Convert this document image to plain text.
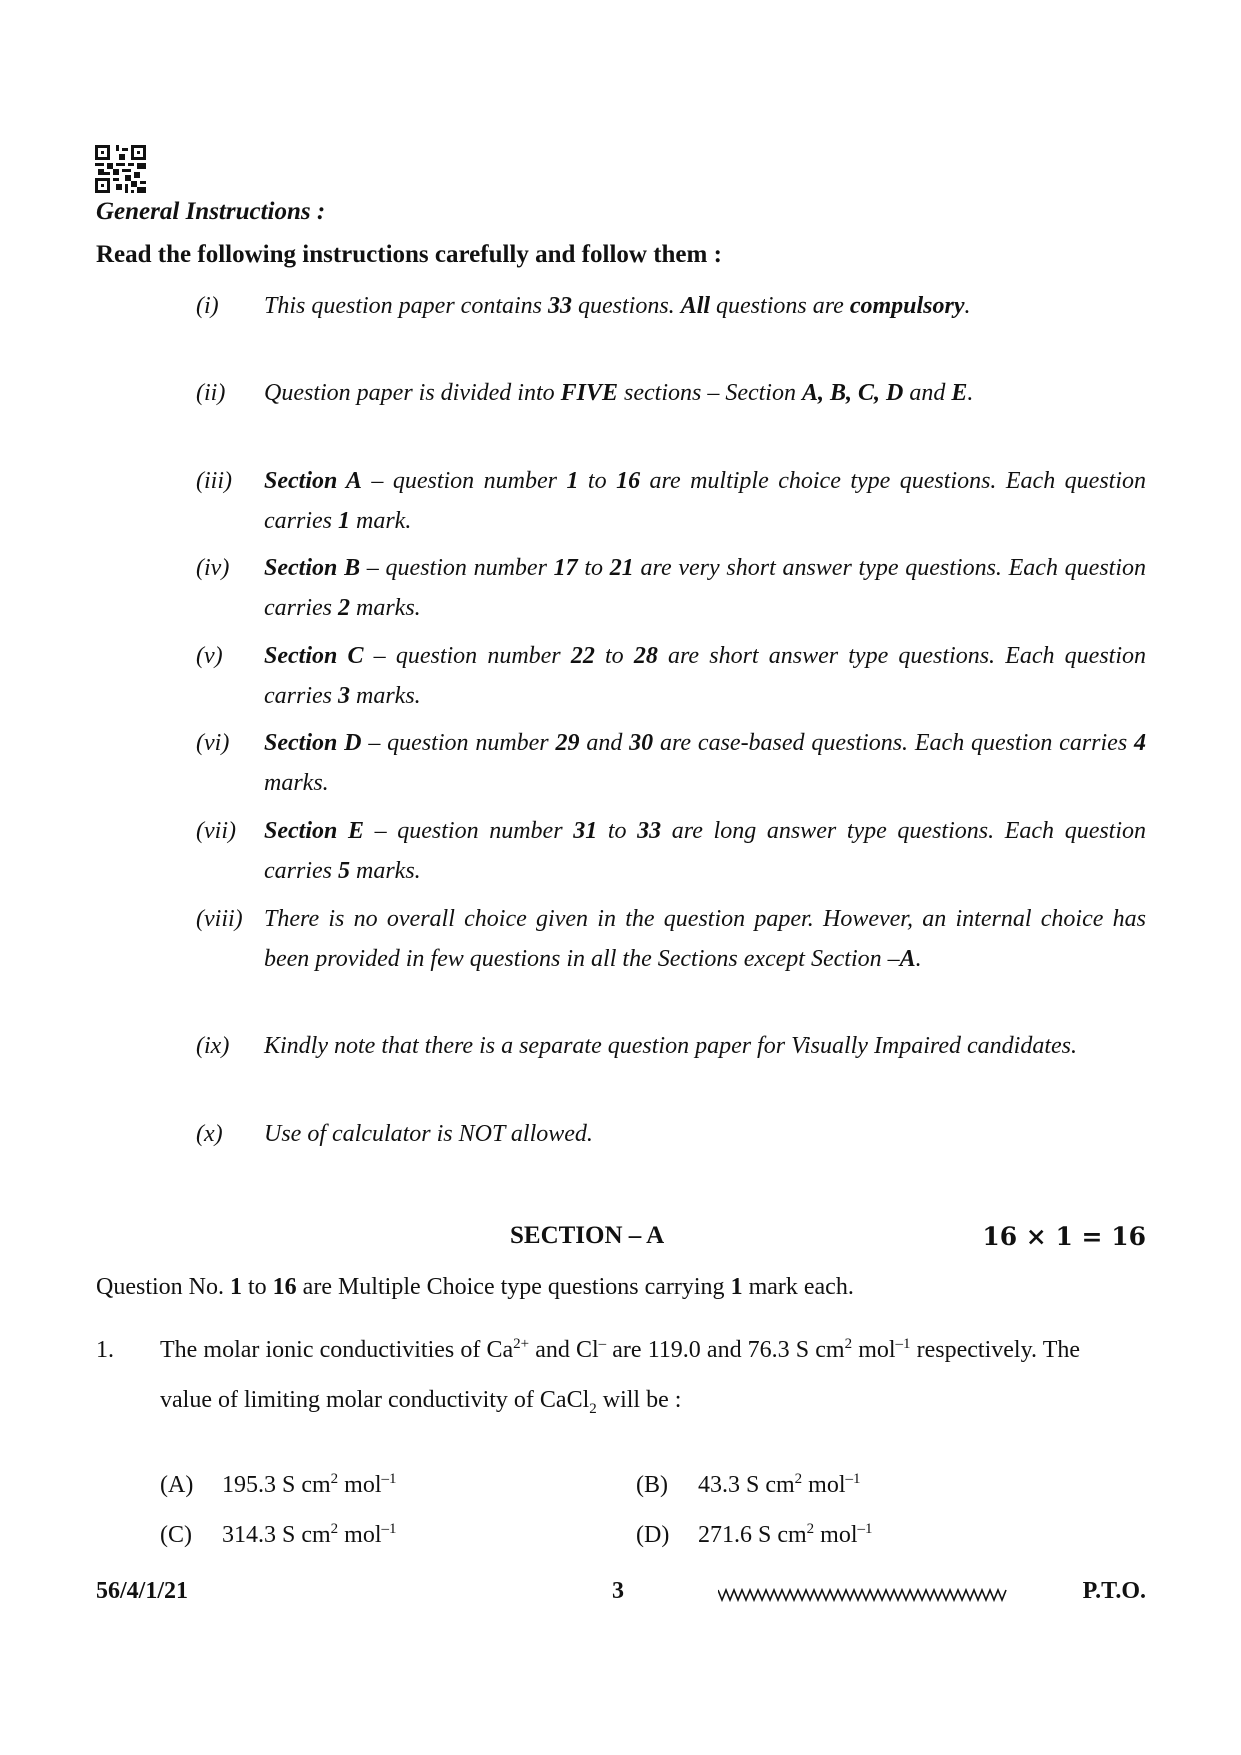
General Instructions :
Read the following instructions carefully and follow them :
(i) This question paper contains 33 questions. All questions are compulsory.
(ii) Question paper is divided into FIVE sections – Section A, B, C, D and E.
(iii) Section A – question number 1 to 16 are multiple choice type questions. Each question carries 1 mark.
(iv) Section B – question number 17 to 21 are very short answer type questions. Each question carries 2 marks.
(v) Section C – question number 22 to 28 are short answer type questions. Each question carries 3 marks.
(vi) Section D – question number 29 and 30 are case-based questions. Each question carries 4 marks.
(vii) Section E – question number 31 to 33 are long answer type questions. Each question carries 5 marks.
(viii) There is no overall choice given in the question paper. However, an internal choice has been provided in few questions in all the Sections except Section –A.
(ix) Kindly note that there is a separate question paper for Visually Impaired candidates.
(x) Use of calculator is NOT allowed.
SECTION – A	16 × 1 = 16
Question No. 1 to 16 are Multiple Choice type questions carrying 1 mark each.
1. The molar ionic conductivities of $Ca^{2+}$ and Cl– are 119.0 and 76.3 S $cm^2$ mol$^{-1}$ respectively. The value of limiting molar conductivity of CaCl$_2$ will be :
(A) 195.3 S $cm^2$ mol$^{-1}$	(B) 43.3 S $cm^2$ mol$^{-1}$
(C) 314.3 S $cm^2$ mol$^{-1}$	(D) 271.6 S $cm^2$ mol$^{-1}$
56/4/1/21	3	P.T.O.
